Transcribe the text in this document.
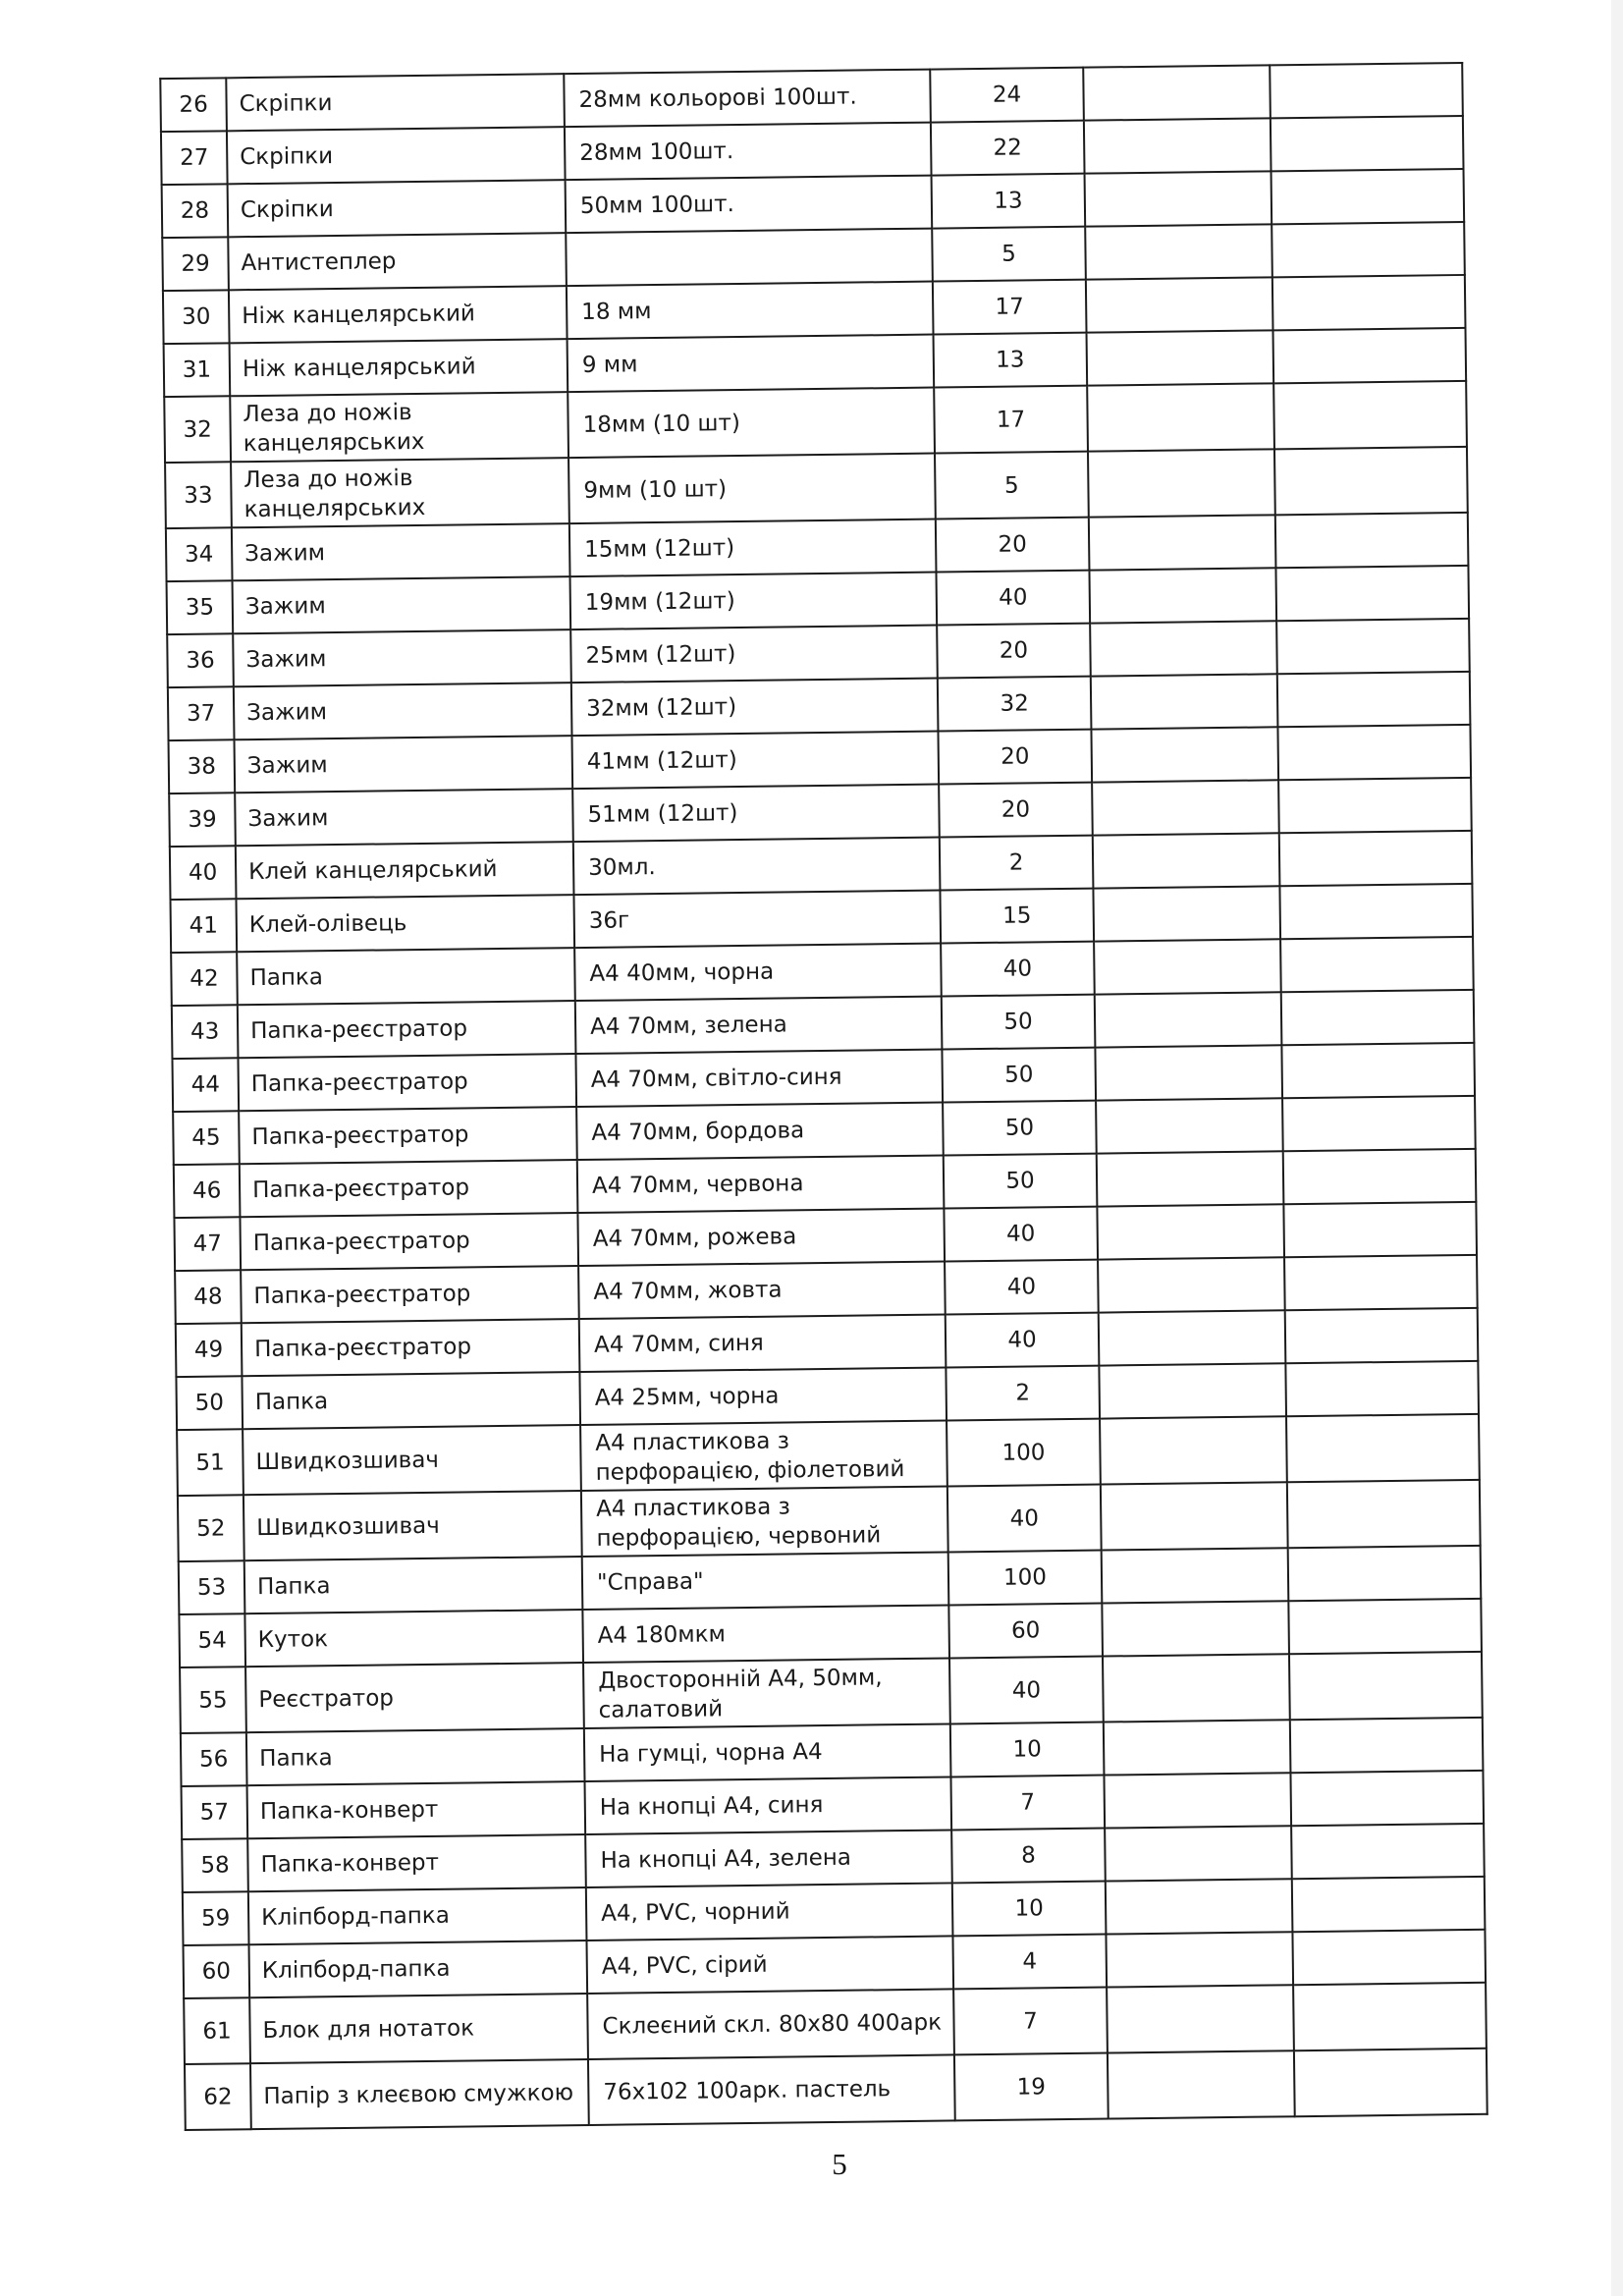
26	Скріпки	28мм кольорові 100шт.	24		
27	Скріпки	28мм 100шт.	22		
28	Скріпки	50мм 100шт.	13		
29	Антистеплер		5		
30	Ніж канцелярський	18 мм	17		
31	Ніж канцелярський	9 мм	13		
32	Леза до ножів канцелярських	18мм (10 шт)	17		
33	Леза до ножів канцелярських	9мм (10 шт)	5		
34	Зажим	15мм (12шт)	20		
35	Зажим	19мм (12шт)	40		
36	Зажим	25мм (12шт)	20		
37	Зажим	32мм (12шт)	32		
38	Зажим	41мм (12шт)	20		
39	Зажим	51мм (12шт)	20		
40	Клей канцелярський	30мл.	2		
41	Клей-олівець	36г	15		
42	Папка	А4 40мм, чорна	40		
43	Папка-реєстратор	А4 70мм, зелена	50		
44	Папка-реєстратор	А4 70мм, світло-синя	50		
45	Папка-реєстратор	А4 70мм, бордова	50		
46	Папка-реєстратор	А4 70мм, червона	50		
47	Папка-реєстратор	А4 70мм, рожева	40		
48	Папка-реєстратор	А4 70мм, жовта	40		
49	Папка-реєстратор	А4 70мм, синя	40		
50	Папка	А4 25мм, чорна	2		
51	Швидкозшивач	А4 пластикова з перфорацією, фіолетовий	100		
52	Швидкозшивач	А4 пластикова з перфорацією, червоний	40		
53	Папка	"Справа"	100		
54	Куток	А4 180мкм	60		
55	Реєстратор	Двосторонній А4, 50мм, салатовий	40		
56	Папка	На гумці, чорна А4	10		
57	Папка-конверт	На кнопці А4, синя	7		
58	Папка-конверт	На кнопці А4, зелена	8		
59	Кліпборд-папка	А4, PVC, чорний	10		
60	Кліпборд-папка	А4, PVC, сірий	4		
61	Блок для нотаток	Склеєний скл. 80х80 400арк	7		
62	Папір з клеєвою смужкою	76х102 100арк. пастель	19		
5
